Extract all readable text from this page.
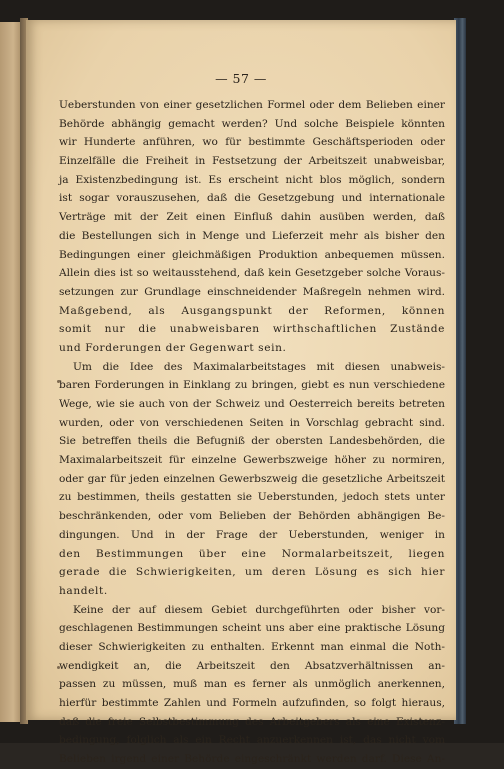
— 57 —
Ueberstunden von einer gesetzlichen Formel oder dem Belieben einer
Behörde abhängig gemacht werden? Und solche Beispiele könnten
wir Hunderte anführen, wo für bestimmte Geschäftsperioden oder
Einzelfälle die Freiheit in Festsetzung der Arbeitszeit unabweisbar,
ja Existenzbedingung ist. Es erscheint nicht blos möglich, sondern
ist sogar vorauszusehen, daß die Gesetzgebung und internationale
Verträge mit der Zeit einen Einfluß dahin ausüben werden, daß
die Bestellungen sich in Menge und Lieferzeit mehr als bisher den
Bedingungen einer gleichmäßigen Produktion anbequemen müssen.
Allein dies ist so weitausstehend, daß kein Gesetzgeber solche Voraus-
setzungen zur Grundlage einschneidender Maßregeln nehmen wird.
Maßgebend, als Ausgangspunkt der Reformen, können
somit nur die unabweisbaren wirthschaftlichen Zustände
und Forderungen der Gegenwart sein.
Um die Idee des Maximalarbeitstages mit diesen unabweis-
baren Forderungen in Einklang zu bringen, giebt es nun verschiedene
Wege, wie sie auch von der Schweiz und Oesterreich bereits betreten
wurden, oder von verschiedenen Seiten in Vorschlag gebracht sind.
Sie betreffen theils die Befugniß der obersten Landesbehörden, die
Maximalarbeitszeit für einzelne Gewerbszweige höher zu normiren,
oder gar für jeden einzelnen Gewerbszweig die gesetzliche Arbeitszeit
zu bestimmen, theils gestatten sie Ueberstunden, jedoch stets unter
beschränkenden, oder vom Belieben der Behörden abhängigen Be-
dingungen. Und in der Frage der Ueberstunden, weniger in
den Bestimmungen über eine Normalarbeitszeit, liegen
gerade die Schwierigkeiten, um deren Lösung es sich hier
handelt.
Keine der auf diesem Gebiet durchgeführten oder bisher vor-
geschlagenen Bestimmungen scheint uns aber eine praktische Lösung
dieser Schwierigkeiten zu enthalten. Erkennt man einmal die Noth-
wendigkeit an, die Arbeitszeit den Absatzverhältnissen an-
passen zu müssen, muß man es ferner als unmöglich anerkennen,
hierfür bestimmte Zahlen und Formeln aufzufinden, so folgt hieraus,
daß die freie Selbstbestimmung des Arbeitgebers als eine Existenz-
bedingung, folglich als ein Recht anzuerkennen ist, das nicht vom
Belieben irgend einer Behörde eingeschränkt werden darf. Diese An-
